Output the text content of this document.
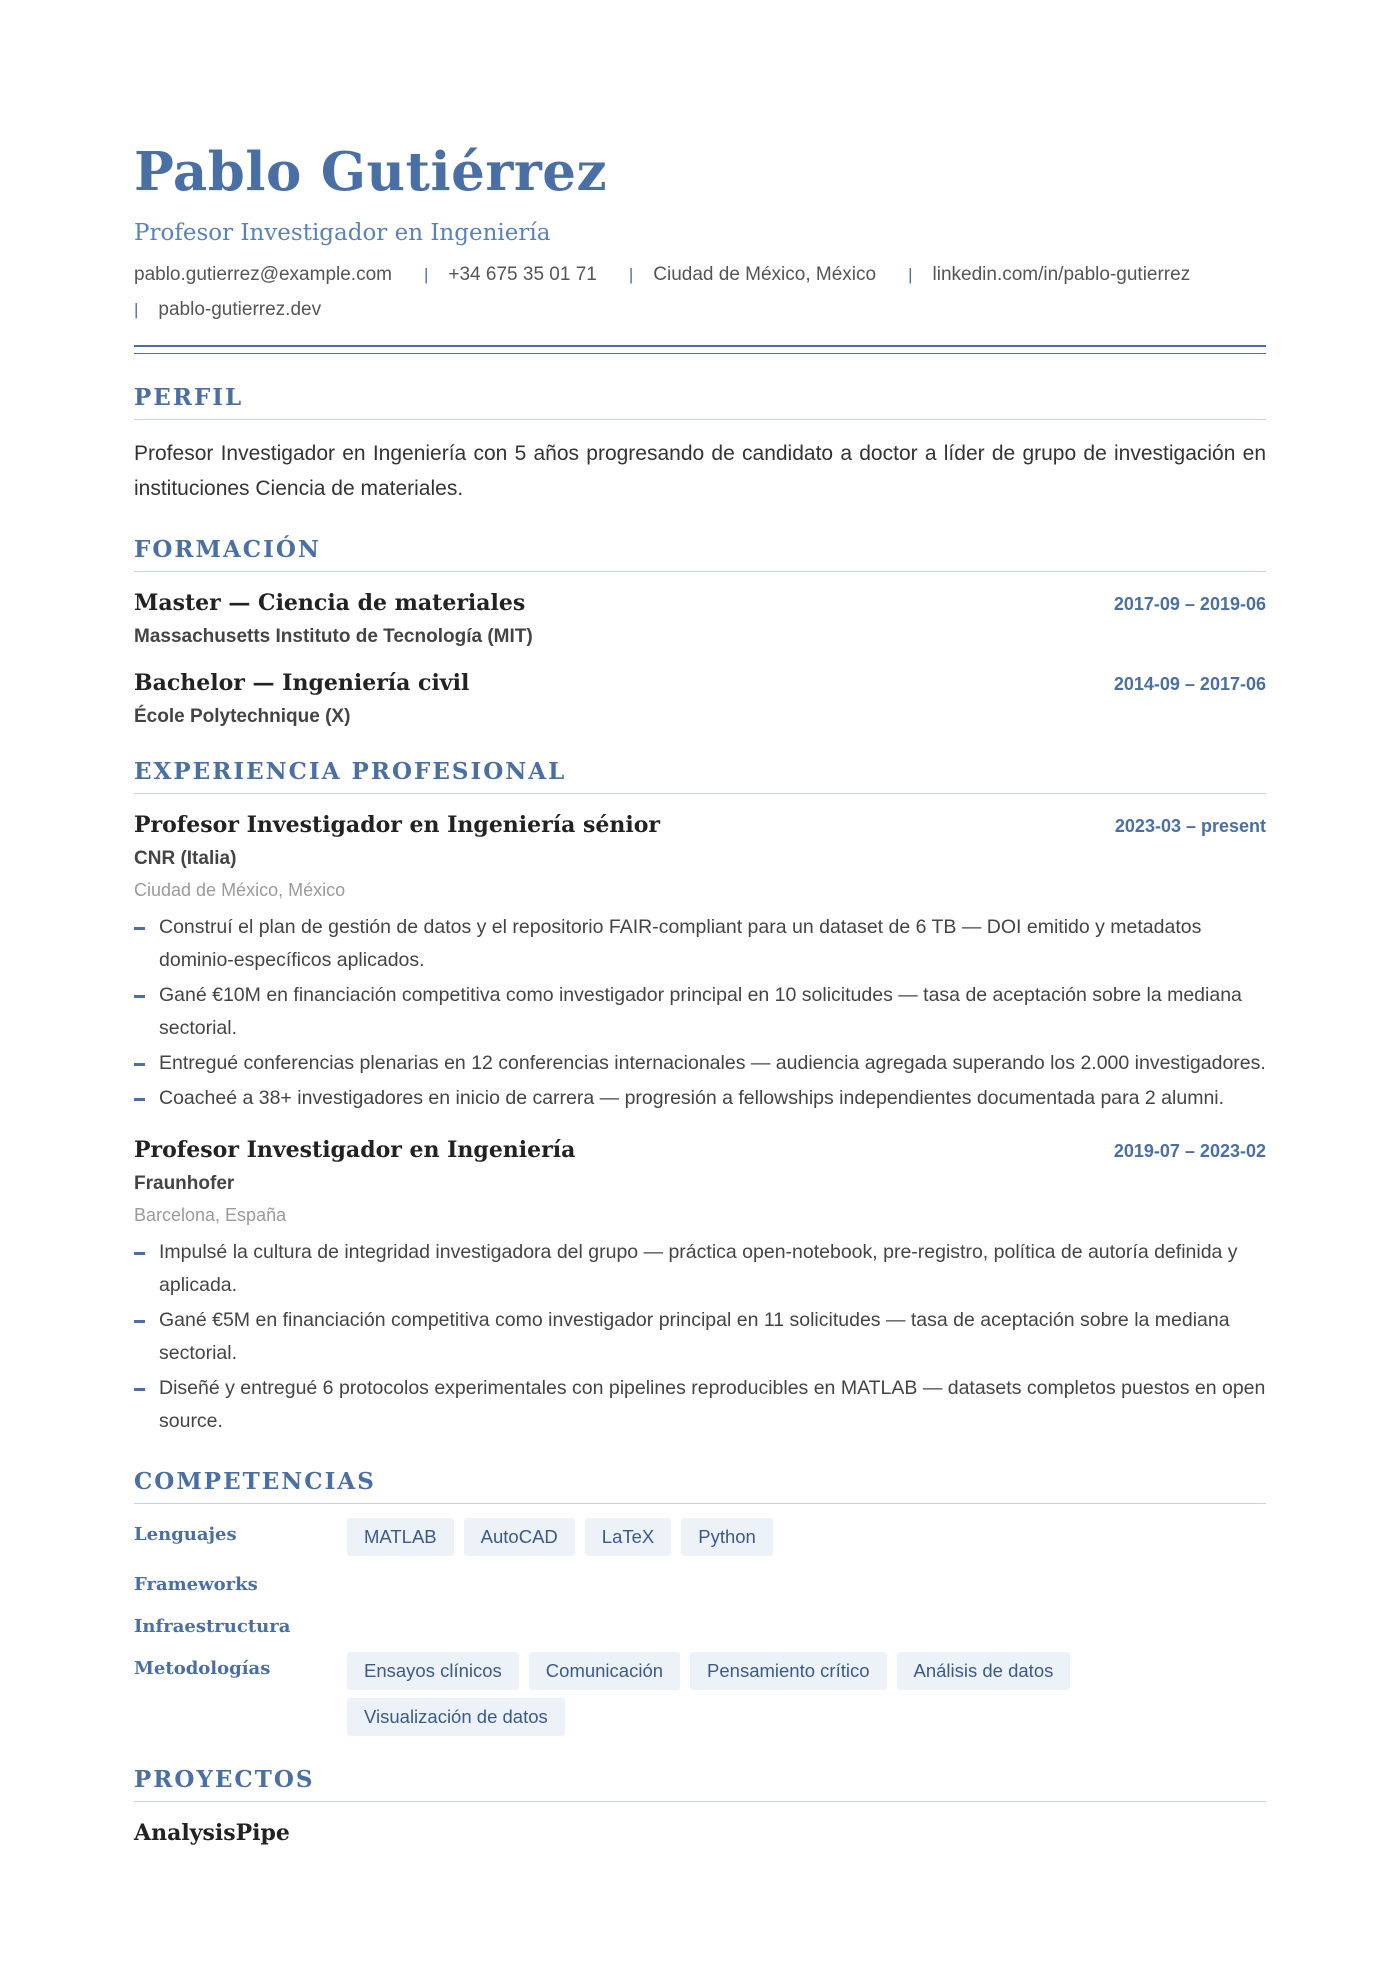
Pablo Gutiérrez
Profesor Investigador en Ingeniería
pablo.gutierrez@example.com | +34 675 35 01 71 | Ciudad de México, México | linkedin.com/in/pablo-gutierrez
| pablo-gutierrez.dev
PERFIL
Profesor Investigador en Ingeniería con 5 años progresando de candidato a doctor a líder de grupo de investigación en instituciones Ciencia de materiales.
FORMACIÓN
Master — Ciencia de materiales	2017-09 – 2019-06
Massachusetts Instituto de Tecnología (MIT)
Bachelor — Ingeniería civil	2014-09 – 2017-06
École Polytechnique (X)
EXPERIENCIA PROFESIONAL
Profesor Investigador en Ingeniería sénior	2023-03 – present
CNR (Italia)
Ciudad de México, México
Construí el plan de gestión de datos y el repositorio FAIR-compliant para un dataset de 6 TB — DOI emitido y metadatos dominio-específicos aplicados.
Gané €10M en financiación competitiva como investigador principal en 10 solicitudes — tasa de aceptación sobre la mediana sectorial.
Entregué conferencias plenarias en 12 conferencias internacionales — audiencia agregada superando los 2.000 investigadores.
Coacheé a 38+ investigadores en inicio de carrera — progresión a fellowships independientes documentada para 2 alumni.
Profesor Investigador en Ingeniería	2019-07 – 2023-02
Fraunhofer
Barcelona, España
Impulsé la cultura de integridad investigadora del grupo — práctica open-notebook, pre-registro, política de autoría definida y aplicada.
Gané €5M en financiación competitiva como investigador principal en 11 solicitudes — tasa de aceptación sobre la mediana sectorial.
Diseñé y entregué 6 protocolos experimentales con pipelines reproducibles en MATLAB — datasets completos puestos en open source.
COMPETENCIAS
Lenguajes	MATLAB	AutoCAD	LaTeX	Python
Frameworks
Infraestructura
Metodologías	Ensayos clínicos	Comunicación	Pensamiento crítico	Análisis de datos
Visualización de datos
PROYECTOS
AnalysisPipe
